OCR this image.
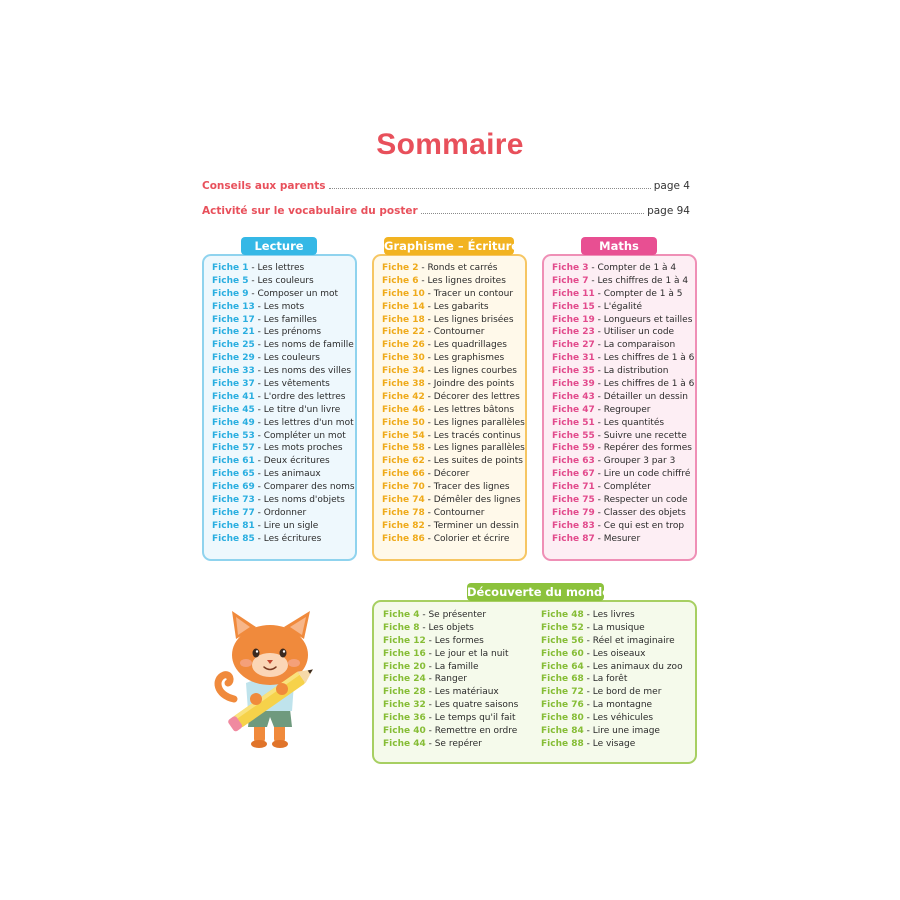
Sommaire
Conseils aux parents	page 4
Activité sur le vocabulaire du poster	page 94
Lecture
Fiche 1 - Les lettres
Fiche 5 - Les couleurs
Fiche 9 - Composer un mot
Fiche 13 - Les mots
Fiche 17 - Les familles
Fiche 21 - Les prénoms
Fiche 25 - Les noms de famille
Fiche 29 - Les couleurs
Fiche 33 - Les noms des villes
Fiche 37 - Les vêtements
Fiche 41 - L'ordre des lettres
Fiche 45 - Le titre d'un livre
Fiche 49 - Les lettres d'un mot
Fiche 53 - Compléter un mot
Fiche 57 - Les mots proches
Fiche 61 - Deux écritures
Fiche 65 - Les animaux
Fiche 69 - Comparer des noms
Fiche 73 - Les noms d'objets
Fiche 77 - Ordonner
Fiche 81 - Lire un sigle
Fiche 85 - Les écritures
Graphisme – Écriture
Fiche 2 - Ronds et carrés
Fiche 6 - Les lignes droites
Fiche 10 - Tracer un contour
Fiche 14 - Les gabarits
Fiche 18 - Les lignes brisées
Fiche 22 - Contourner
Fiche 26 - Les quadrillages
Fiche 30 - Les graphismes
Fiche 34 - Les lignes courbes
Fiche 38 - Joindre des points
Fiche 42 - Décorer des lettres
Fiche 46 - Les lettres bâtons
Fiche 50 - Les lignes parallèles
Fiche 54 - Les tracés continus
Fiche 58 - Les lignes parallèles
Fiche 62 - Les suites de points
Fiche 66 - Décorer
Fiche 70 - Tracer des lignes
Fiche 74 - Démêler des lignes
Fiche 78 - Contourner
Fiche 82 - Terminer un dessin
Fiche 86 - Colorier et écrire
Maths
Fiche 3 - Compter de 1 à 4
Fiche 7 - Les chiffres de 1 à 4
Fiche 11 - Compter de 1 à 5
Fiche 15 - L'égalité
Fiche 19 - Longueurs et tailles
Fiche 23 - Utiliser un code
Fiche 27 - La comparaison
Fiche 31 - Les chiffres de 1 à 6
Fiche 35 - La distribution
Fiche 39 - Les chiffres de 1 à 6
Fiche 43 - Détailler un dessin
Fiche 47 - Regrouper
Fiche 51 - Les quantités
Fiche 55 - Suivre une recette
Fiche 59 - Repérer des formes
Fiche 63 - Grouper 3 par 3
Fiche 67 - Lire un code chiffré
Fiche 71 - Compléter
Fiche 75 - Respecter un code
Fiche 79 - Classer des objets
Fiche 83 - Ce qui est en trop
Fiche 87 - Mesurer
Découverte du monde
Fiche 4 - Se présenter
Fiche 8 - Les objets
Fiche 12 - Les formes
Fiche 16 - Le jour et la nuit
Fiche 20 - La famille
Fiche 24 - Ranger
Fiche 28 - Les matériaux
Fiche 32 - Les quatre saisons
Fiche 36 - Le temps qu'il fait
Fiche 40 - Remettre en ordre
Fiche 44 - Se repérer
Fiche 48 - Les livres
Fiche 52 - La musique
Fiche 56 - Réel et imaginaire
Fiche 60 - Les oiseaux
Fiche 64 - Les animaux du zoo
Fiche 68 - La forêt
Fiche 72 - Le bord de mer
Fiche 76 - La montagne
Fiche 80 - Les véhicules
Fiche 84 - Lire une image
Fiche 88 - Le visage
